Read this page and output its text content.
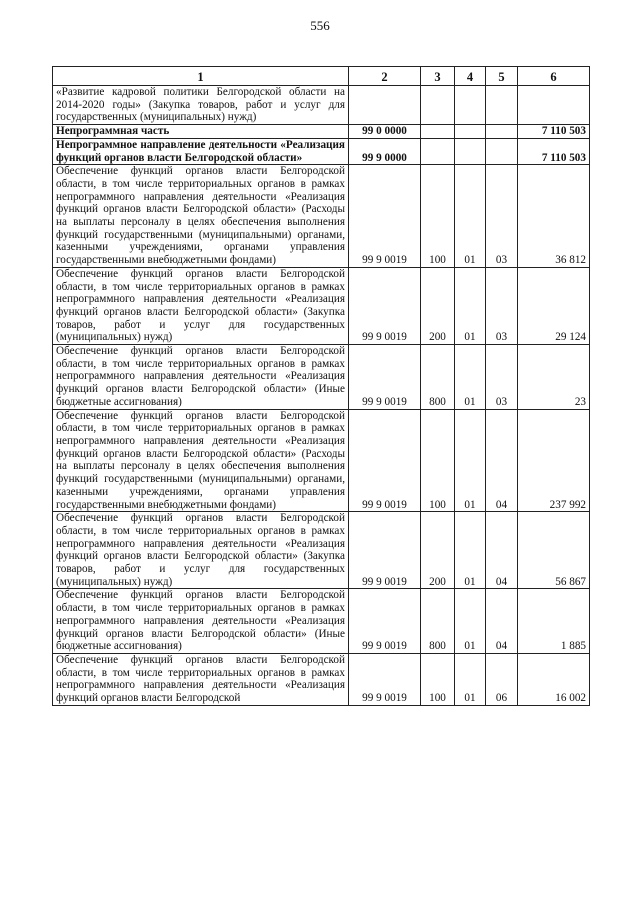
556
1	2	3	4	5	6
«Развитие кадровой политики Белгородской области на 2014-2020 годы» (Закупка товаров, работ и услуг для государственных (муниципальных) нужд)					
Непрограммная часть	99 0 0000				7 110 503
Непрограммное направление деятельности «Реализация функций органов власти Белгородской области»	99 9 0000				7 110 503
Обеспечение функций органов власти Белгородской области, в том числе территориальных органов в рамках непрограммного направления деятельности «Реализация функций органов власти Белгородской области» (Расходы на выплаты персоналу в целях обеспечения выполнения функций государственными (муниципальными) органами, казенными учреждениями, органами управления государственными внебюджетными фондами)	99 9 0019	100	01	03	36 812
Обеспечение функций органов власти Белгородской области, в том числе территориальных органов в рамках непрограммного направления деятельности «Реализация функций органов власти Белгородской области» (Закупка товаров, работ и услуг для государственных (муниципальных) нужд)	99 9 0019	200	01	03	29 124
Обеспечение функций органов власти Белгородской области, в том числе территориальных органов в рамках непрограммного направления деятельности «Реализация функций органов власти Белгородской области» (Иные бюджетные ассигнования)	99 9 0019	800	01	03	23
Обеспечение функций органов власти Белгородской области, в том числе территориальных органов в рамках непрограммного направления деятельности «Реализация функций органов власти Белгородской области» (Расходы на выплаты персоналу в целях обеспечения выполнения функций государственными (муниципальными) органами, казенными учреждениями, органами управления государственными внебюджетными фондами)	99 9 0019	100	01	04	237 992
Обеспечение функций органов власти Белгородской области, в том числе территориальных органов в рамках непрограммного направления деятельности «Реализация функций органов власти Белгородской области» (Закупка товаров, работ и услуг для государственных (муниципальных) нужд)	99 9 0019	200	01	04	56 867
Обеспечение функций органов власти Белгородской области, в том числе территориальных органов в рамках непрограммного направления деятельности «Реализация функций органов власти Белгородской области» (Иные бюджетные ассигнования)	99 9 0019	800	01	04	1 885
Обеспечение функций органов власти Белгородской области, в том числе территориальных органов в рамках непрограммного направления деятельности «Реализация функций органов власти Белгородской	99 9 0019	100	01	06	16 002
